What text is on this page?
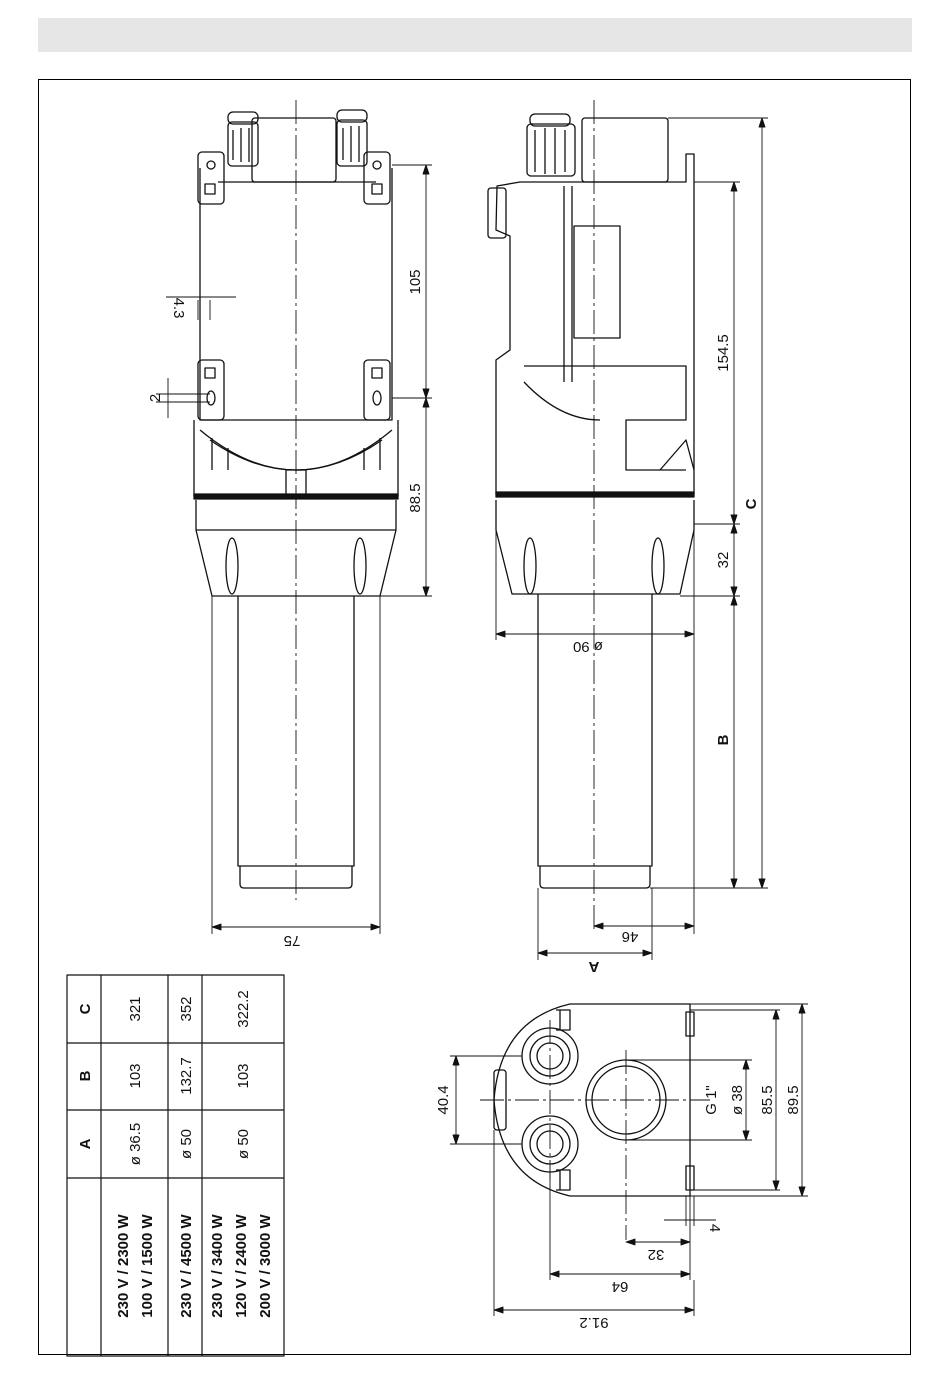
105
4.3
2
88.5
75
154.5
C
32
ø 90
B
46
A
40.4	G 1" ø 38 85.5 89.5
4
32
64
91.2
C
B
A
321
103
ø 36.5
230 V / 2300 W 100 V / 1500 W
352
132.7
ø 50
230 V / 4500 W
322.2
103
ø 50
230 V / 3400 W 120 V / 2400 W 200 V / 3000 W
